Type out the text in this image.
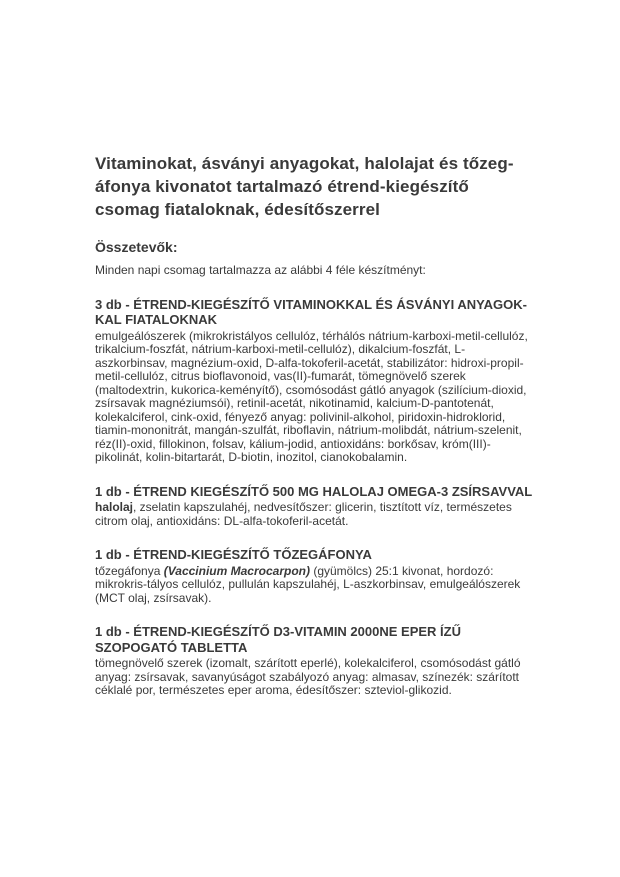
Vitaminokat, ásványi anyagokat, halolajat és tőzeg-áfonya kivonatot tartalmazó étrend-kiegészítő csomag fiataloknak, édesítőszerrel
Összetevők:

Minden napi csomag tartalmazza az alábbi 4 féle készítményt:

3 db - ÉTREND-KIEGÉSZÍTŐ VITAMINOKKAL ÉS ÁSVÁNYI ANYAGOK-KAL FIATALOKNAK

emulgeálószerek (mikrokristályos cellulóz, térhálós nátrium-karboxi-metil-cellulóz, trikalcium-foszfát, nátrium-karboxi-metil-cellulóz), dikalcium-foszfát, L-aszkorbinsav, magnézium-oxid, D-alfa-tokoferil-acetát, stabilizátor: hidroxi-propil-metil-cellulóz, citrus bioflavonoid, vas(II)-fumarát, tömegnövelő szerek (maltodextrin, kukorica-keményítő), csomósodást gátló anyagok (szilícium-dioxid, zsírsavak magnéziumsói), retinil-acetát, nikotinamid, kalcium-D-pantotenát, kolekalciferol, cink-oxid, fényező anyag: polivinil-alkohol, piridoxin-hidroklorid, tiamin-mononitrát, mangán-szulfát, riboflavin, nátrium-molibdát, nátrium-szelenit, réz(II)-oxid, fillokinon, folsav, kálium-jodid, antioxidáns: borkősav, króm(III)-pikolinát, kolin-bitartarát, D-biotin, inozitol, cianokobalamin.

1 db - ÉTREND KIEGÉSZÍTŐ 500 MG HALOLAJ OMEGA-3 ZSÍRSAVVAL

halolaj, zselatin kapszulahéj, nedvesítőszer: glicerin, tisztított víz, természetes citrom olaj, antioxidáns: DL-alfa-tokoferil-acetát.

1 db - ÉTREND-KIEGÉSZÍTŐ TŐZEGÁFONYA

tőzegáfonya (Vaccinium Macrocarpon) (gyümölcs) 25:1 kivonat, hordozó: mikrokris-tályos cellulóz, pullulán kapszulahéj, L-aszkorbinsav, emulgeálószerek (MCT olaj, zsírsavak).

1 db - ÉTREND-KIEGÉSZÍTŐ D3-VITAMIN 2000NE EPER ÍZŰ SZOPOGATÓ TABLETTA

tömegnövelő szerek (izomalt, szárított eperlé), kolekalciferol, csomósodást gátló anyag: zsírsavak, savanyúságot szabályozó anyag: almasav, színezék: szárított céklalé por, természetes eper aroma, édesítőszer: szteviol-glikozid.
